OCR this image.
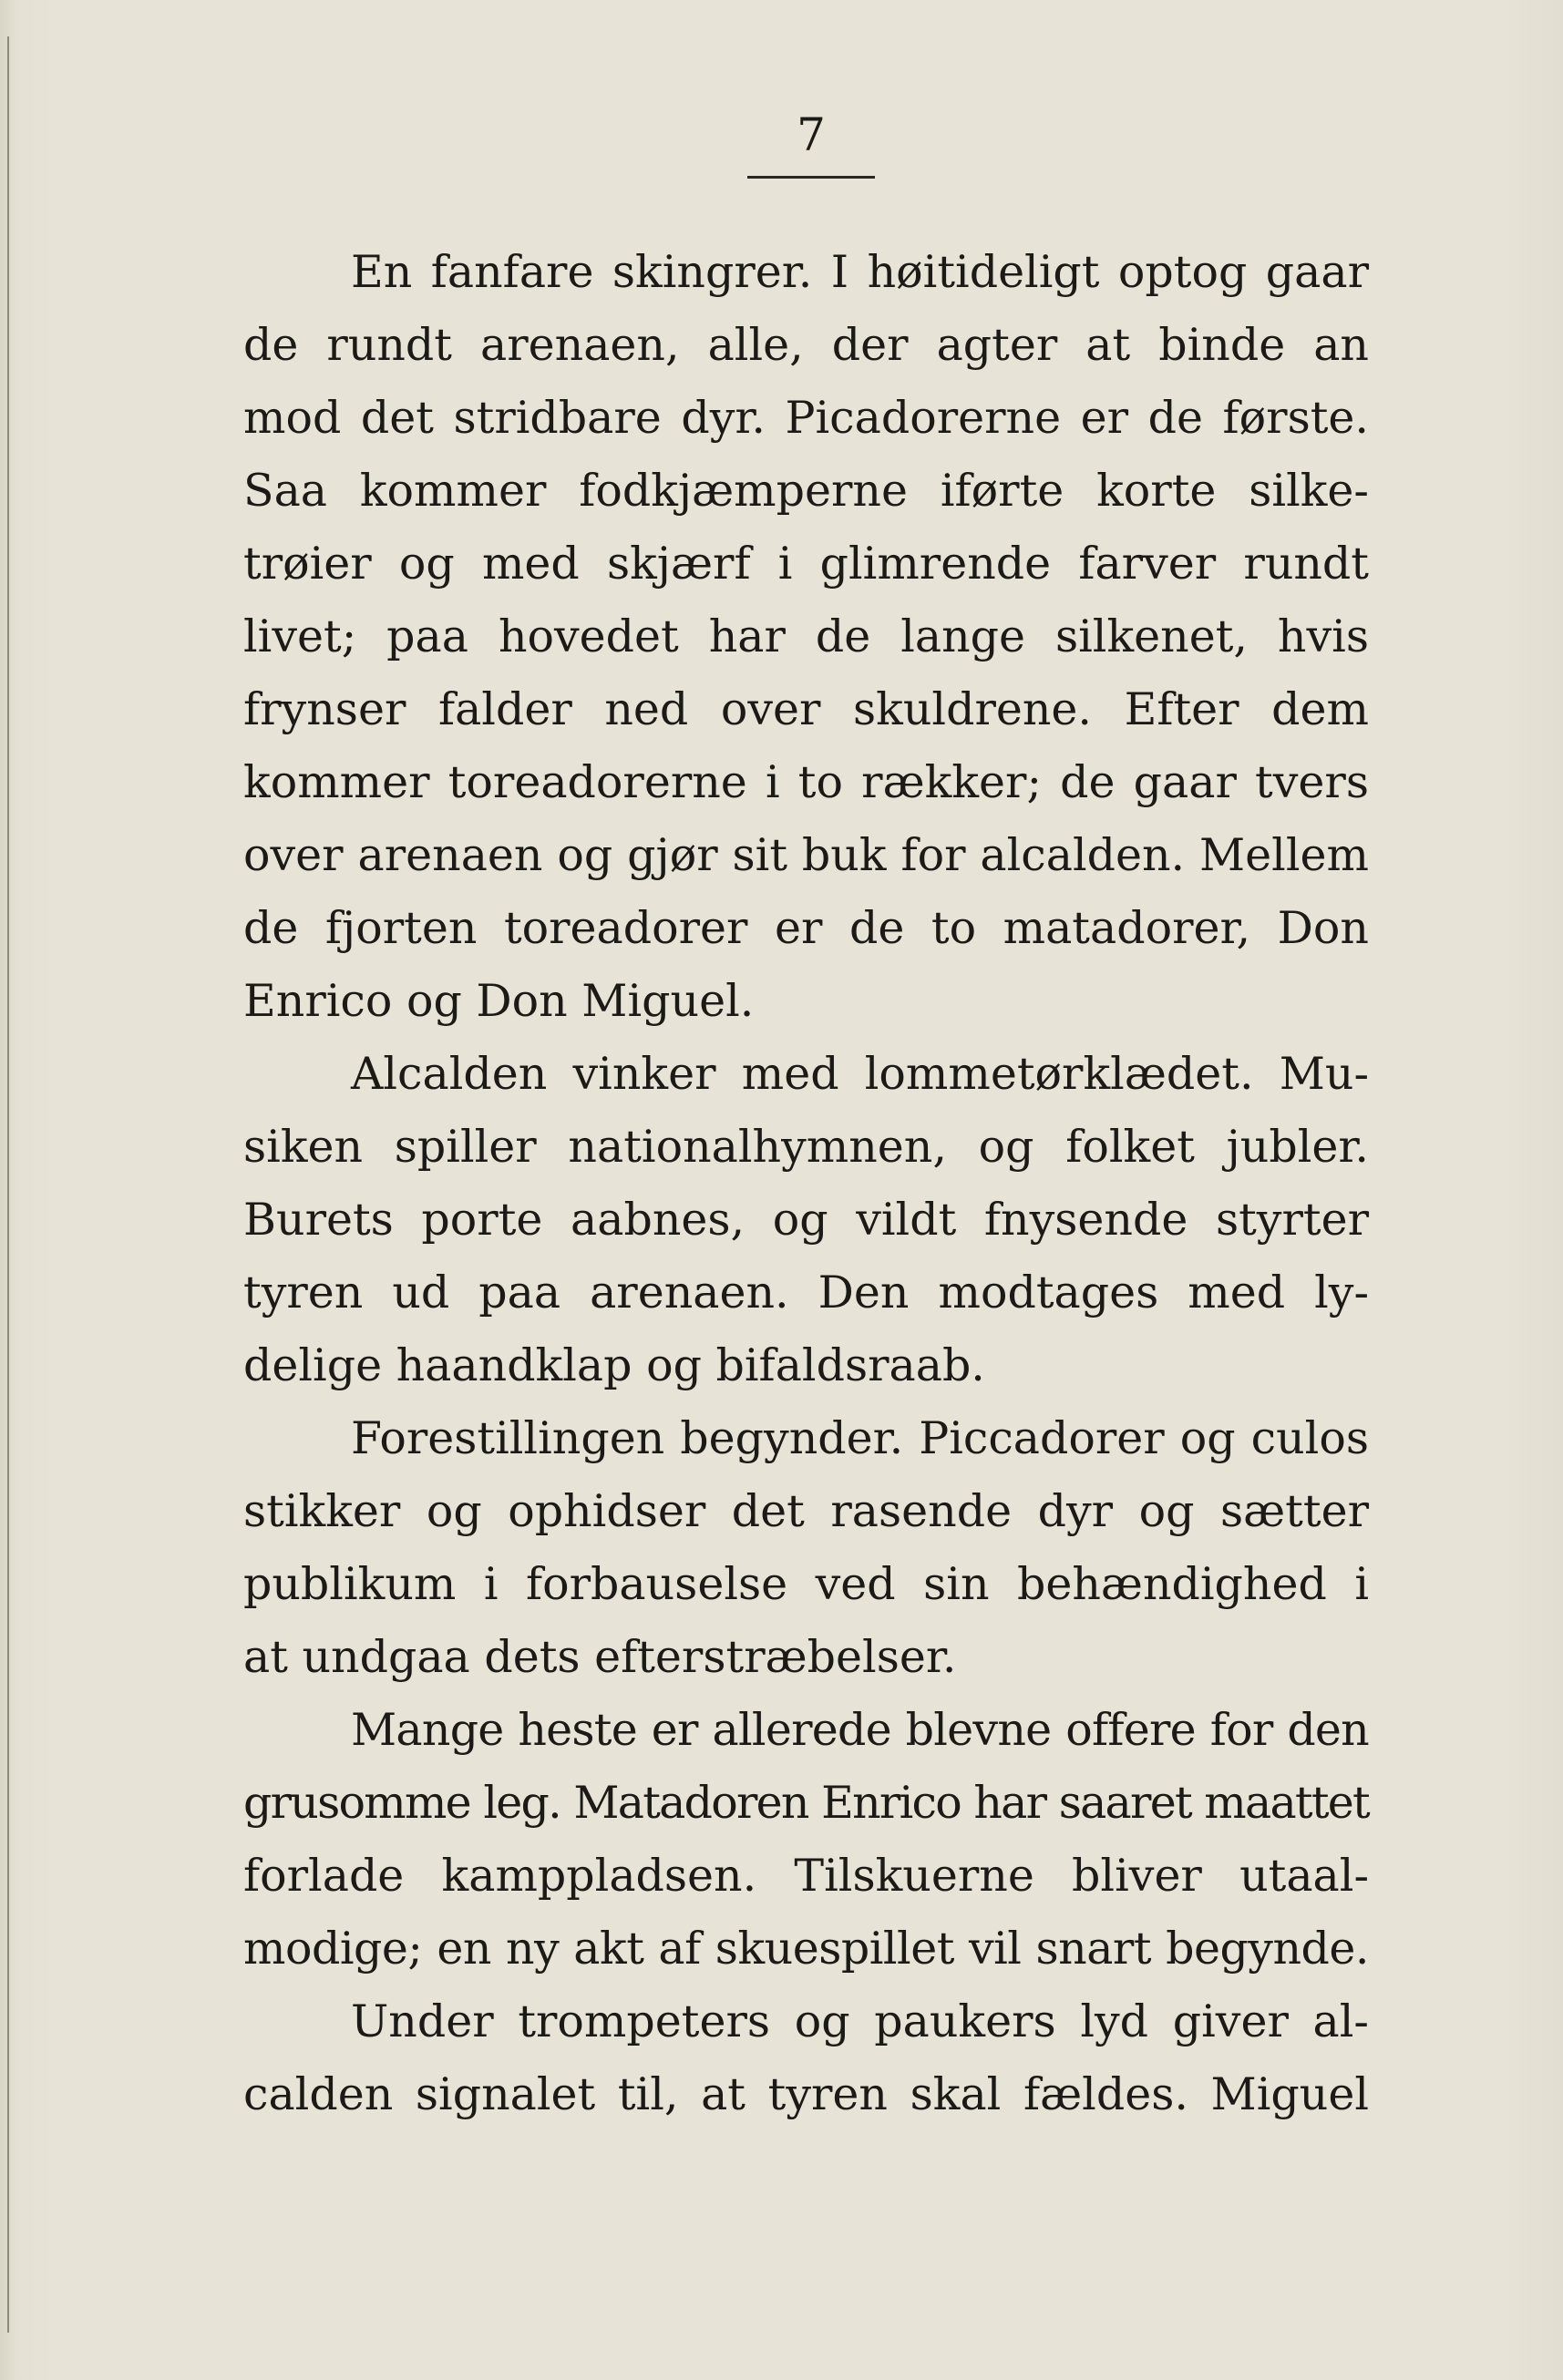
7
En fanfare skingrer. I høitideligt optog gaar
de rundt arenaen, alle, der agter at binde an
mod det stridbare dyr. Picadorerne er de første.
Saa kommer fodkjæmperne iførte korte silke-
trøier og med skjærf i glimrende farver rundt
livet; paa hovedet har de lange silkenet, hvis
frynser falder ned over skuldrene. Efter dem
kommer toreadorerne i to rækker; de gaar tvers
over arenaen og gjør sit buk for alcalden. Mellem
de fjorten toreadorer er de to matadorer, Don
Enrico og Don Miguel.
Alcalden vinker med lommetørklædet. Mu-
siken spiller nationalhymnen, og folket jubler.
Burets porte aabnes, og vildt fnysende styrter
tyren ud paa arenaen. Den modtages med ly-
delige haandklap og bifaldsraab.
Forestillingen begynder. Piccadorer og culos
stikker og ophidser det rasende dyr og sætter
publikum i forbauselse ved sin behændighed i
at undgaa dets efterstræbelser.
Mange heste er allerede blevne offere for den
grusomme leg. Matadoren Enrico har saaret maattet
forlade kamppladsen. Tilskuerne bliver utaal-
modige; en ny akt af skuespillet vil snart begynde.
Under trompeters og paukers lyd giver al-
calden signalet til, at tyren skal fældes. Miguel
